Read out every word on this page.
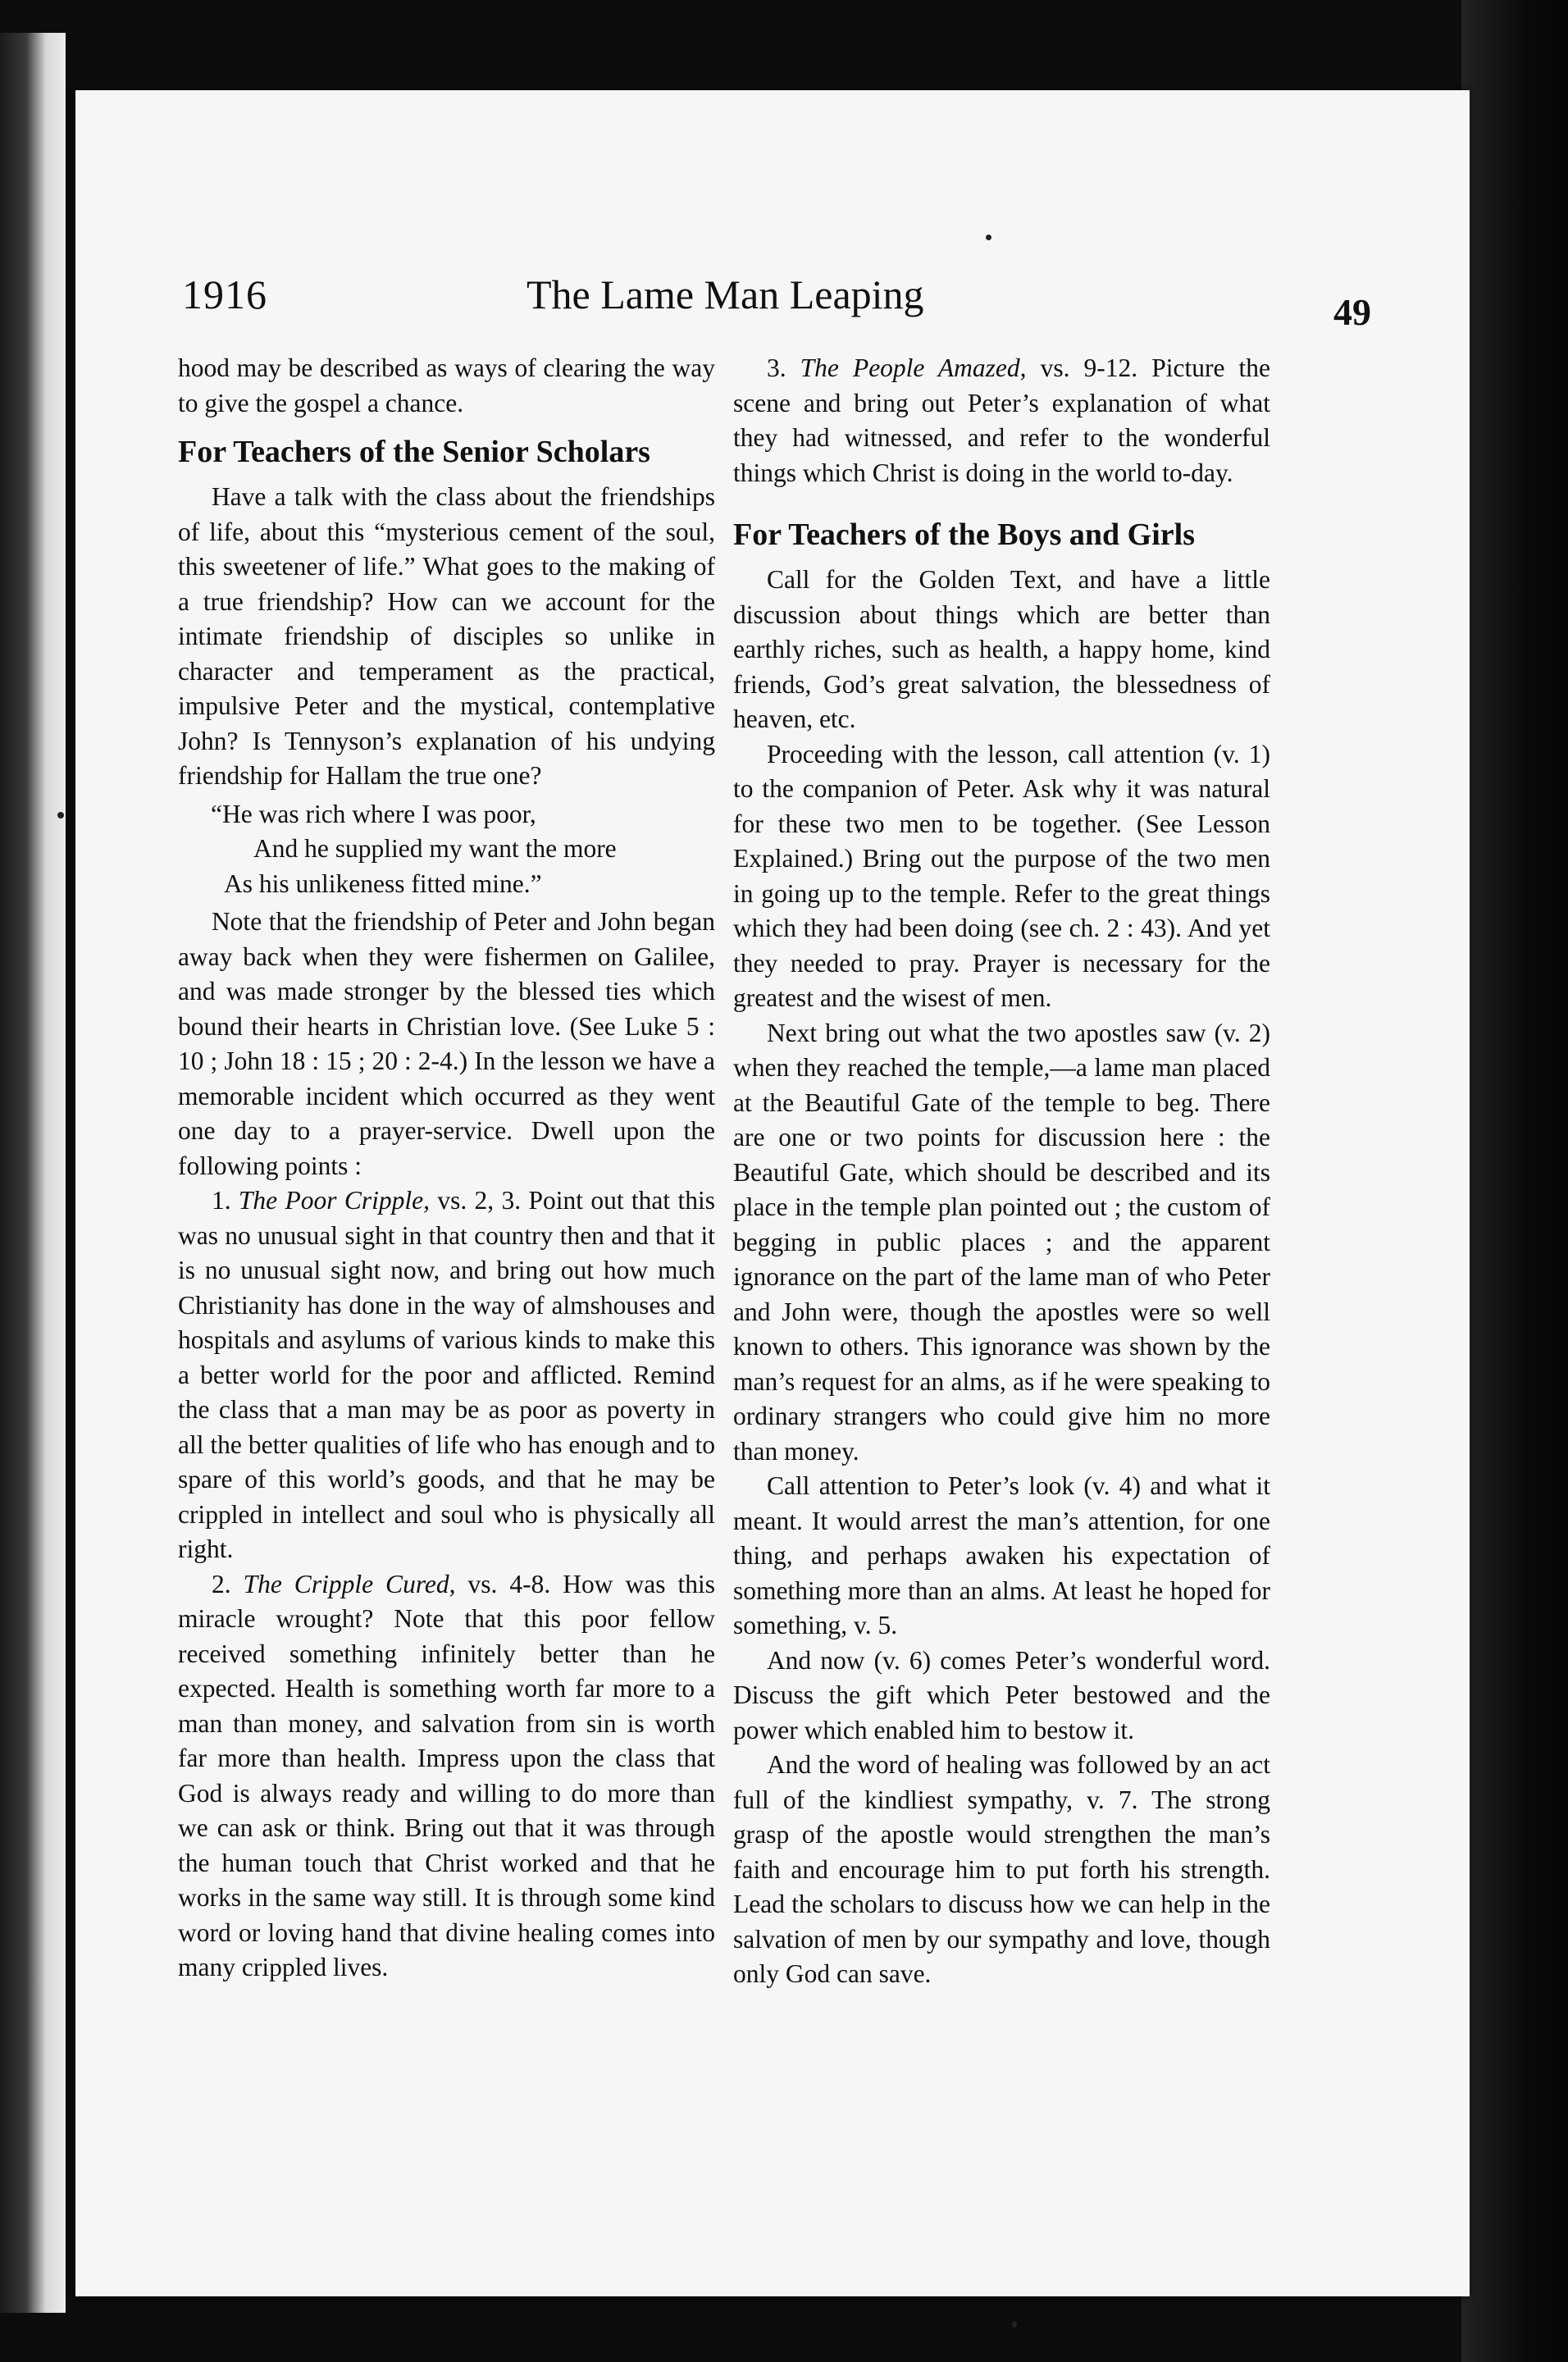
1916	The Lame Man Leaping	49

hood may be described as ways of clearing the way to give the gospel a chance.

For Teachers of the Senior Scholars

Have a talk with the class about the friendships of life, about this “mysterious cement of the soul, this sweetener of life.” What goes to the making of a true friendship? How can we account for the intimate friendship of disciples so unlike in character and temperament as the practical, impulsive Peter and the mystical, contemplative John? Is Tennyson’s explanation of his undying friendship for Hallam the true one?

“He was rich where I was poor,
And he supplied my want the more
As his unlikeness fitted mine.”

Note that the friendship of Peter and John began away back when they were fishermen on Galilee, and was made stronger by the blessed ties which bound their hearts in Christian love. (See Luke 5 : 10 ; John 18 : 15 ; 20 : 2-4.) In the lesson we have a memorable incident which occurred as they went one day to a prayer-service. Dwell upon the following points :

1. The Poor Cripple, vs. 2, 3. Point out that this was no unusual sight in that country then and that it is no unusual sight now, and bring out how much Christianity has done in the way of almshouses and hospitals and asylums of various kinds to make this a better world for the poor and afflicted. Remind the class that a man may be as poor as poverty in all the better qualities of life who has enough and to spare of this world’s goods, and that he may be crippled in intellect and soul who is physically all right.

2. The Cripple Cured, vs. 4-8. How was this miracle wrought? Note that this poor fellow received something infinitely better than he expected. Health is something worth far more to a man than money, and salvation from sin is worth far more than health. Impress upon the class that God is always ready and willing to do more than we can ask or think. Bring out that it was through the human touch that Christ worked and that he works in the same way still. It is through some kind word or loving hand that divine healing comes into many crippled lives.

3. The People Amazed, vs. 9-12. Picture the scene and bring out Peter’s explanation of what they had witnessed, and refer to the wonderful things which Christ is doing in the world to-day.

For Teachers of the Boys and Girls

Call for the Golden Text, and have a little discussion about things which are better than earthly riches, such as health, a happy home, kind friends, God’s great salvation, the blessedness of heaven, etc.

Proceeding with the lesson, call attention (v. 1) to the companion of Peter. Ask why it was natural for these two men to be together. (See Lesson Explained.) Bring out the purpose of the two men in going up to the temple. Refer to the great things which they had been doing (see ch. 2 : 43). And yet they needed to pray. Prayer is necessary for the greatest and the wisest of men.

Next bring out what the two apostles saw (v. 2) when they reached the temple,—a lame man placed at the Beautiful Gate of the temple to beg. There are one or two points for discussion here : the Beautiful Gate, which should be described and its place in the temple plan pointed out ; the custom of begging in public places ; and the apparent ignorance on the part of the lame man of who Peter and John were, though the apostles were so well known to others. This ignorance was shown by the man’s request for an alms, as if he were speaking to ordinary strangers who could give him no more than money.

Call attention to Peter’s look (v. 4) and what it meant. It would arrest the man’s attention, for one thing, and perhaps awaken his expectation of something more than an alms. At least he hoped for something, v. 5.

And now (v. 6) comes Peter’s wonderful word. Discuss the gift which Peter bestowed and the power which enabled him to bestow it.

And the word of healing was followed by an act full of the kindliest sympathy, v. 7. The strong grasp of the apostle would strengthen the man’s faith and encourage him to put forth his strength. Lead the scholars to discuss how we can help in the salvation of men by our sympathy and love, though only God can save.
